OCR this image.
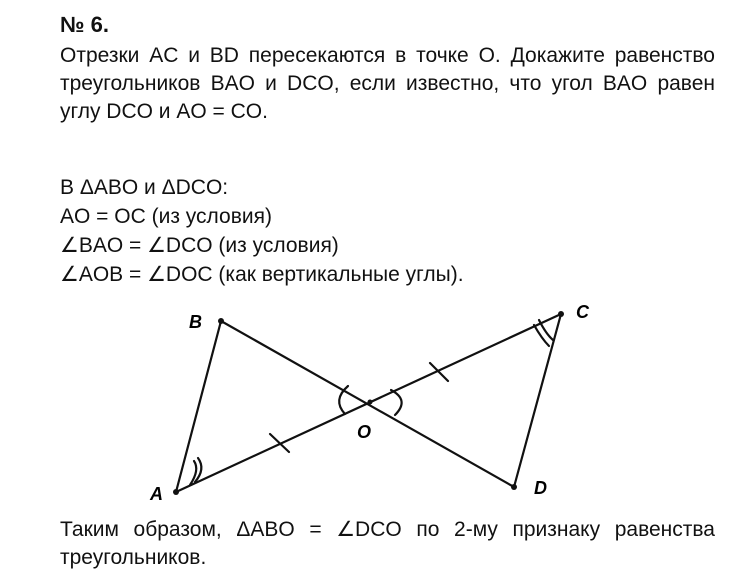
№ 6.
Отрезки AC и BD пересекаются в точке O. Докажите равенство треугольников BAO и DCO, если известно, что угол BAO равен углу DCO и AO = CO.
В ΔABO и ΔDCO:
AO = OC (из условия)
∠BAO = ∠DCO (из условия)
∠AOB = ∠DOC (как вертикальные углы).
A
B	C
D
O
Таким образом, ΔABO = ∠DCO по 2-му признаку равенства треугольников.
